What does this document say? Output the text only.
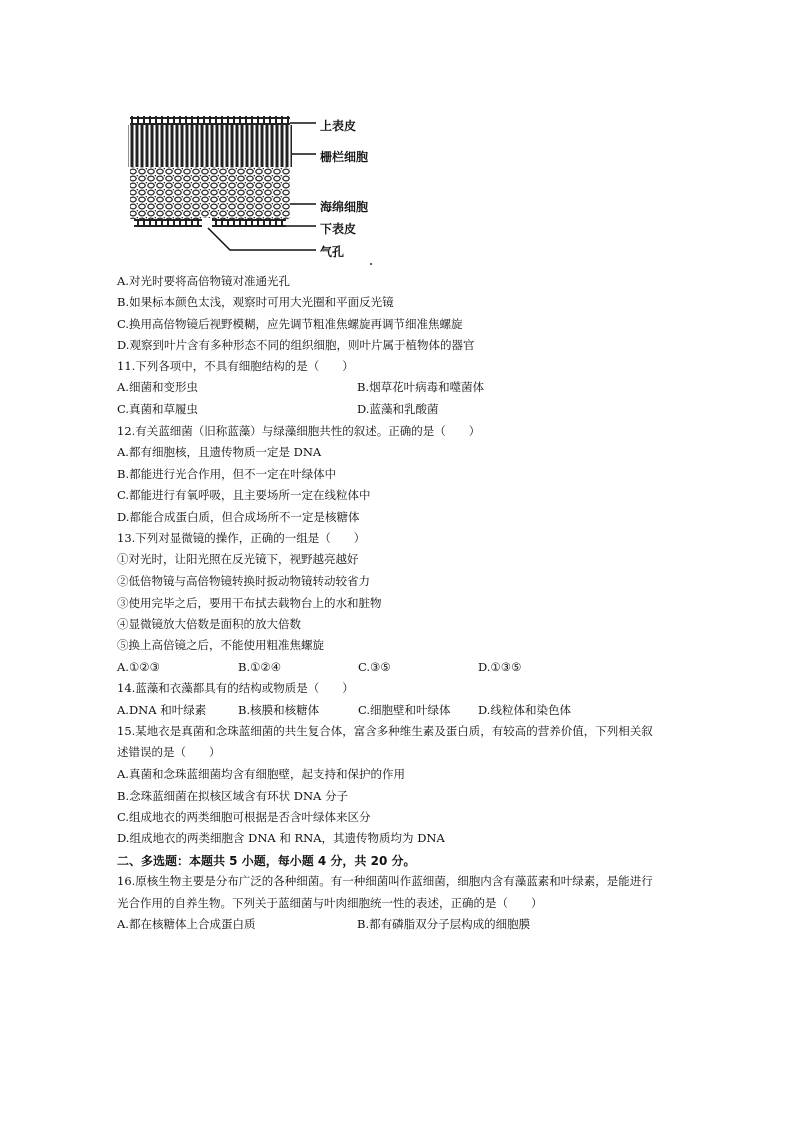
上表皮
栅栏细胞
海绵细胞
下表皮
气孔
A.对光时要将高倍物镜对准通光孔
B.如果标本颜色太浅，观察时可用大光圈和平面反光镜
C.换用高倍物镜后视野模糊，应先调节粗准焦螺旋再调节细准焦螺旋
D.观察到叶片含有多种形态不同的组织细胞，则叶片属于植物体的器官
11.下列各项中，不具有细胞结构的是（　　）
A.细菌和变形虫	B.烟草花叶病毒和噬菌体
C.真菌和草履虫	D.蓝藻和乳酸菌
12.有关蓝细菌（旧称蓝藻）与绿藻细胞共性的叙述。正确的是（　　）
A.都有细胞核，且遗传物质一定是 DNA
B.都能进行光合作用，但不一定在叶绿体中
C.都能进行有氧呼吸，且主要场所一定在线粒体中
D.都能合成蛋白质，但合成场所不一定是核糖体
13.下列对显微镜的操作，正确的一组是（　　）
①对光时，让阳光照在反光镜下，视野越亮越好
②低倍物镜与高倍物镜转换时扳动物镜转动较省力
③使用完毕之后，要用干布拭去载物台上的水和脏物
④显微镜放大倍数是面积的放大倍数
⑤换上高倍镜之后，不能使用粗准焦螺旋
A.①②③	B.①②④	C.③⑤	D.①③⑤
14.蓝藻和衣藻都具有的结构或物质是（　　）
A.DNA 和叶绿素	B.核膜和核糖体	C.细胞壁和叶绿体 D.线粒体和染色体
15.某地衣是真菌和念珠蓝细菌的共生复合体，富含多种维生素及蛋白质，有较高的营养价值，下列相关叙
述错误的是（　　）
A.真菌和念珠蓝细菌均含有细胞壁，起支持和保护的作用
B.念珠蓝细菌在拟核区域含有环状 DNA 分子
C.组成地衣的两类细胞可根据是否含叶绿体来区分
D.组成地衣的两类细胞含 DNA 和 RNA，其遗传物质均为 DNA
二、多选题：本题共 5 小题，每小题 4 分，共 20 分。
16.原核生物主要是分布广泛的各种细菌。有一种细菌叫作蓝细菌，细胞内含有藻蓝素和叶绿素，是能进行
光合作用的自养生物。下列关于蓝细菌与叶肉细胞统一性的表述，正确的是（　　）
A.都在核糖体上合成蛋白质	B.都有磷脂双分子层构成的细胞膜
